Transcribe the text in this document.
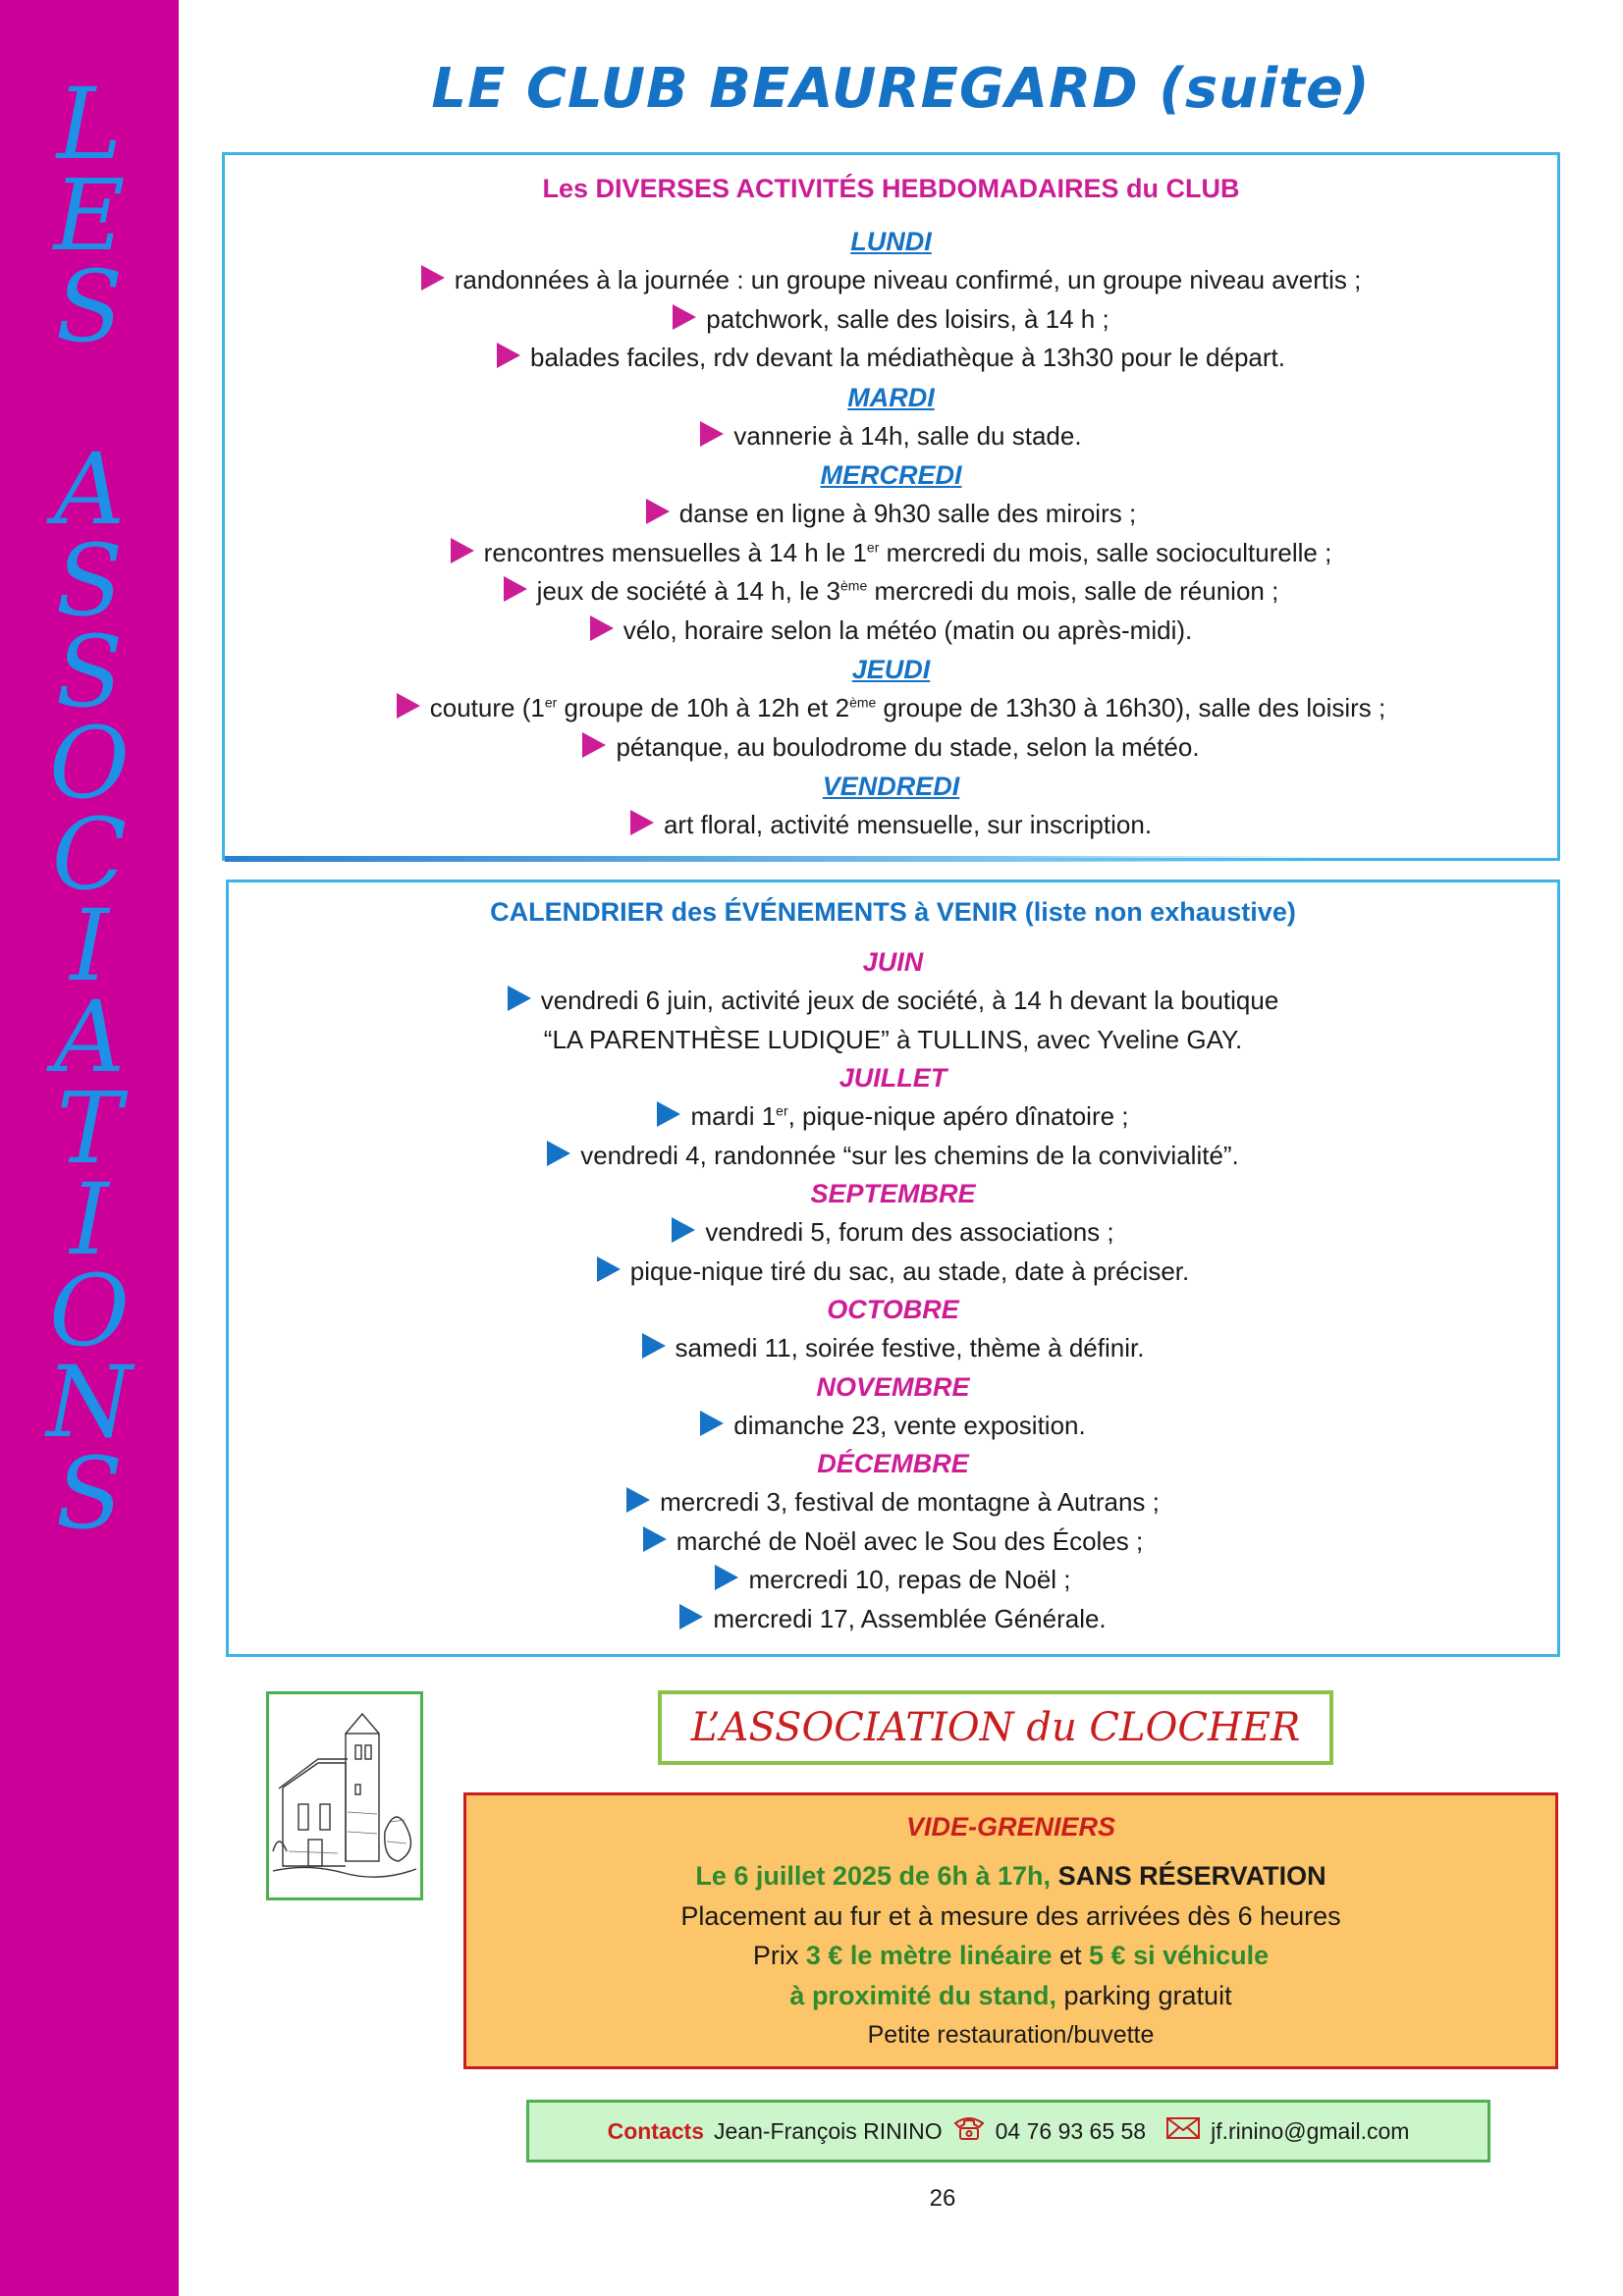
L
E
S
A
S
S
O
C
I
A
T
I
O
N
S
LE CLUB BEAUREGARD (suite)
Les DIVERSES ACTIVITÉS HEBDOMADAIRES du CLUB
LUNDI
randonnées à la journée : un groupe niveau confirmé, un groupe niveau avertis ;
patchwork, salle des loisirs, à 14 h ;
balades faciles, rdv devant la médiathèque à 13h30 pour le départ.
MARDI
vannerie à 14h, salle du stade.
MERCREDI
danse en ligne à 9h30 salle des miroirs ;
rencontres mensuelles à 14 h le 1er mercredi du mois, salle socioculturelle ;
jeux de société à 14 h, le 3ème mercredi du mois, salle de réunion ;
vélo, horaire selon la météo (matin ou après-midi).
JEUDI
couture (1er groupe de 10h à 12h et 2ème groupe de 13h30 à 16h30), salle des loisirs ;
pétanque, au boulodrome du stade, selon la météo.
VENDREDI
art floral, activité mensuelle, sur inscription.
CALENDRIER des ÉVÉNEMENTS à VENIR (liste non exhaustive)
JUIN
vendredi 6 juin, activité jeux de société, à 14 h devant la boutique
“LA PARENTHÈSE LUDIQUE” à TULLINS, avec Yveline GAY.
JUILLET
mardi 1er, pique-nique apéro dînatoire ;
vendredi 4, randonnée “sur les chemins de la convivialité”.
SEPTEMBRE
vendredi 5, forum des associations ;
pique-nique tiré du sac, au stade, date à préciser.
OCTOBRE
samedi 11, soirée festive, thème à définir.
NOVEMBRE
dimanche 23, vente exposition.
DÉCEMBRE
mercredi 3, festival de montagne à Autrans ;
marché de Noël avec le Sou des Écoles ;
mercredi 10, repas de Noël ;
mercredi 17, Assemblée Générale.
L’ASSOCIATION du CLOCHER
VIDE-GRENIERS
Le 6 juillet 2025 de 6h à 17h, SANS RÉSERVATION
Placement au fur et à mesure des arrivées dès 6 heures
Prix 3 € le mètre linéaire et 5 € si véhicule
à proximité du stand, parking gratuit
Petite restauration/buvette
Contacts Jean-François RININO 04 76 93 65 58	jf.rinino@gmail.com
26
